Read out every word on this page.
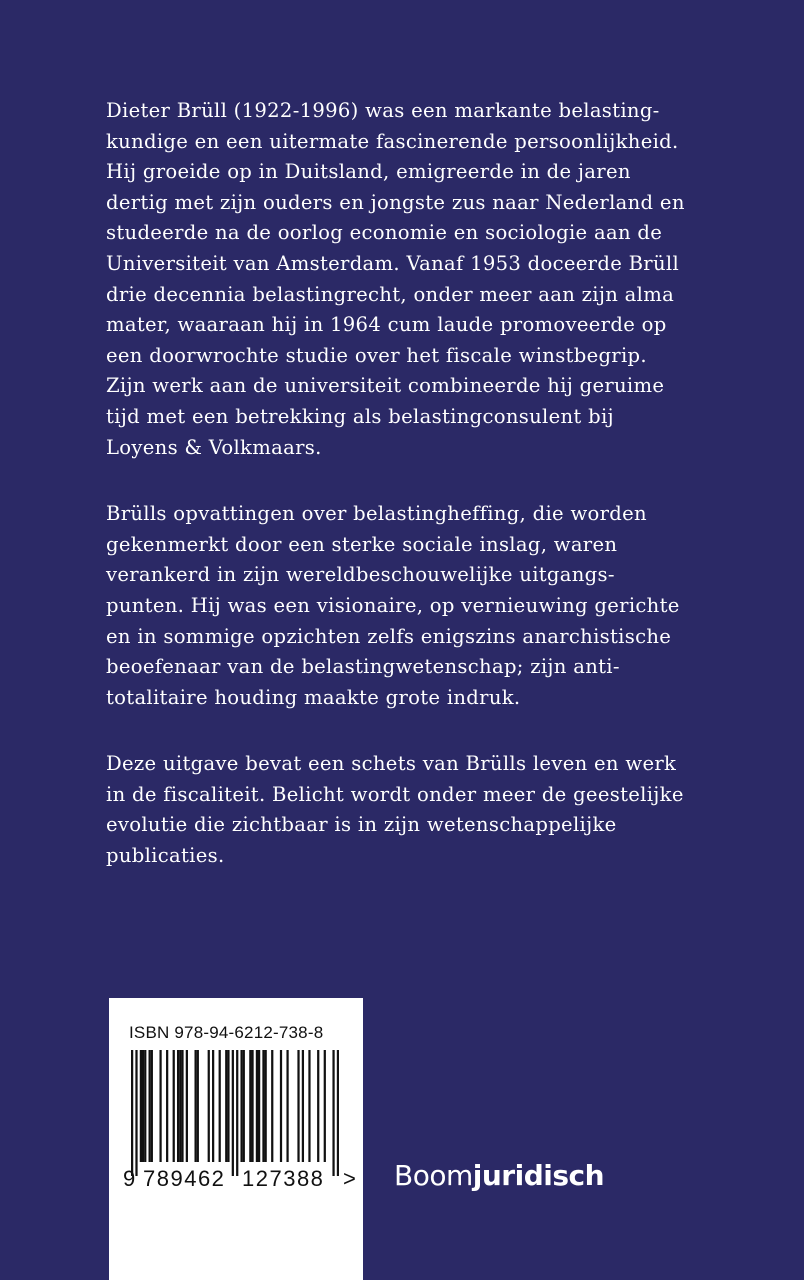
Dieter Brüll (1922-1996) was een markante belasting-
kundige en een uitermate fascinerende persoonlijkheid.
Hij groeide op in Duitsland, emigreerde in de jaren
dertig met zijn ouders en jongste zus naar Nederland en
studeerde na de oorlog economie en sociologie aan de
Universiteit van Amsterdam. Vanaf 1953 doceerde Brüll
drie decennia belastingrecht, onder meer aan zijn alma
mater, waaraan hij in 1964 cum laude promoveerde op
een doorwrochte studie over het fiscale winstbegrip.
Zijn werk aan de universiteit combineerde hij geruime
tijd met een betrekking als belastingconsulent bij
Loyens & Volkmaars.

Brülls opvattingen over belastingheffing, die worden
gekenmerkt door een sterke sociale inslag, waren
verankerd in zijn wereldbeschouwelijke uitgangs-
punten. Hij was een visionaire, op vernieuwing gerichte
en in sommige opzichten zelfs enigszins anarchistische
beoefenaar van de belastingwetenschap; zijn anti-
totalitaire houding maakte grote indruk.

Deze uitgave bevat een schets van Brülls leven en werk
in de fiscaliteit. Belicht wordt onder meer de geestelijke
evolutie die zichtbaar is in zijn wetenschappelijke
publicaties.

ISBN 978-94-6212-738-8
9 789462 127388 > Boomjuridisch
